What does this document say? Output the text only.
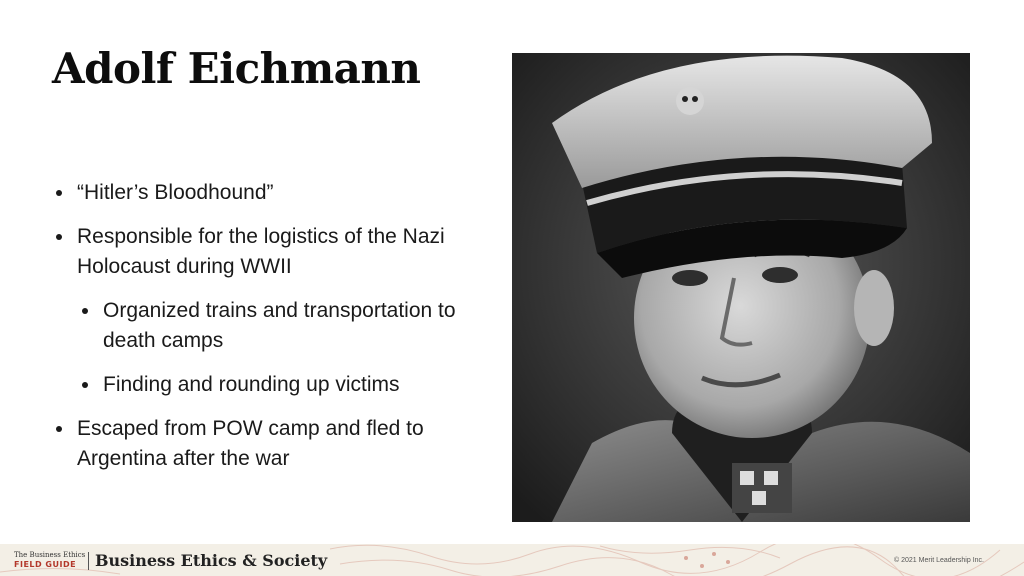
Adolf Eichmann
“Hitler’s Bloodhound”
Responsible for the logistics of the Nazi Holocaust during WWII
Organized trains and transportation to death camps
Finding and rounding up victims
Escaped from POW camp and fled to Argentina after the war
The Business Ethics
FIELD GUIDE	Business Ethics & Society	© 2021 Merit Leadership Inc.
